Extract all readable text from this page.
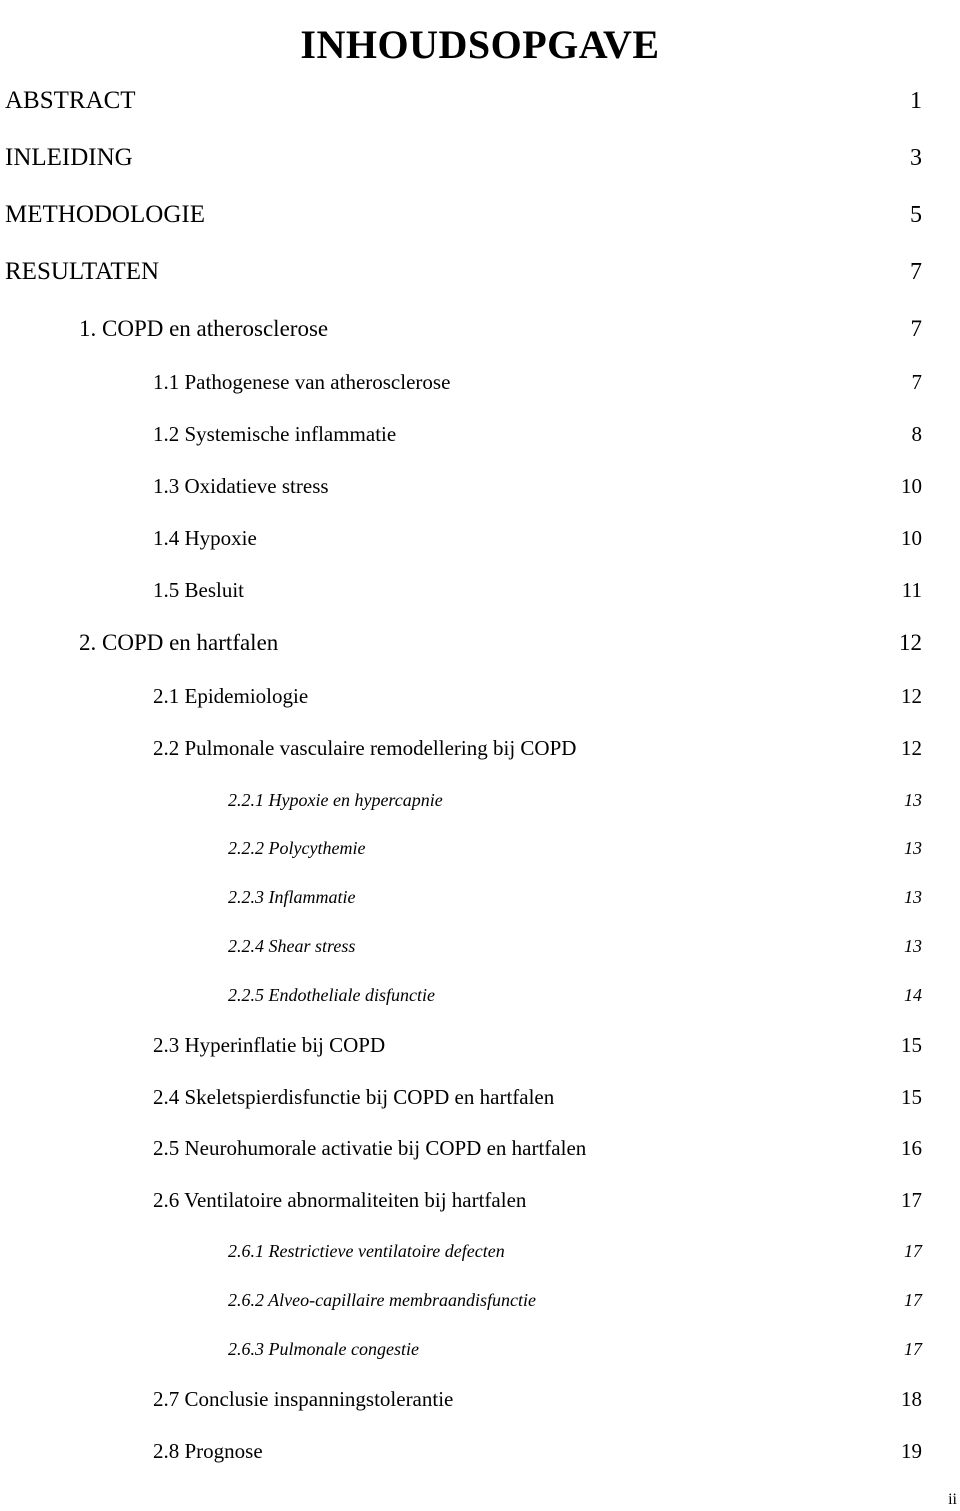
INHOUDSOPGAVE
ABSTRACT	1
INLEIDING	3
METHODOLOGIE	5
RESULTATEN	7
1. COPD en atherosclerose	7
1.1 Pathogenese van atherosclerose	7
1.2 Systemische inflammatie	8
1.3 Oxidatieve stress	10
1.4 Hypoxie	10
1.5 Besluit	11
2. COPD en hartfalen	12
2.1 Epidemiologie	12
2.2 Pulmonale vasculaire remodellering bij COPD	12
2.2.1 Hypoxie en hypercapnie	13
2.2.2 Polycythemie	13
2.2.3 Inflammatie	13
2.2.4 Shear stress	13
2.2.5 Endotheliale disfunctie	14
2.3 Hyperinflatie bij COPD	15
2.4 Skeletspierdisfunctie bij COPD en hartfalen	15
2.5 Neurohumorale activatie bij COPD en hartfalen	16
2.6 Ventilatoire abnormaliteiten bij hartfalen	17
2.6.1 Restrictieve ventilatoire defecten	17
2.6.2 Alveo-capillaire membraandisfunctie	17
2.6.3 Pulmonale congestie	17
2.7 Conclusie inspanningstolerantie	18
2.8 Prognose	19
ii
